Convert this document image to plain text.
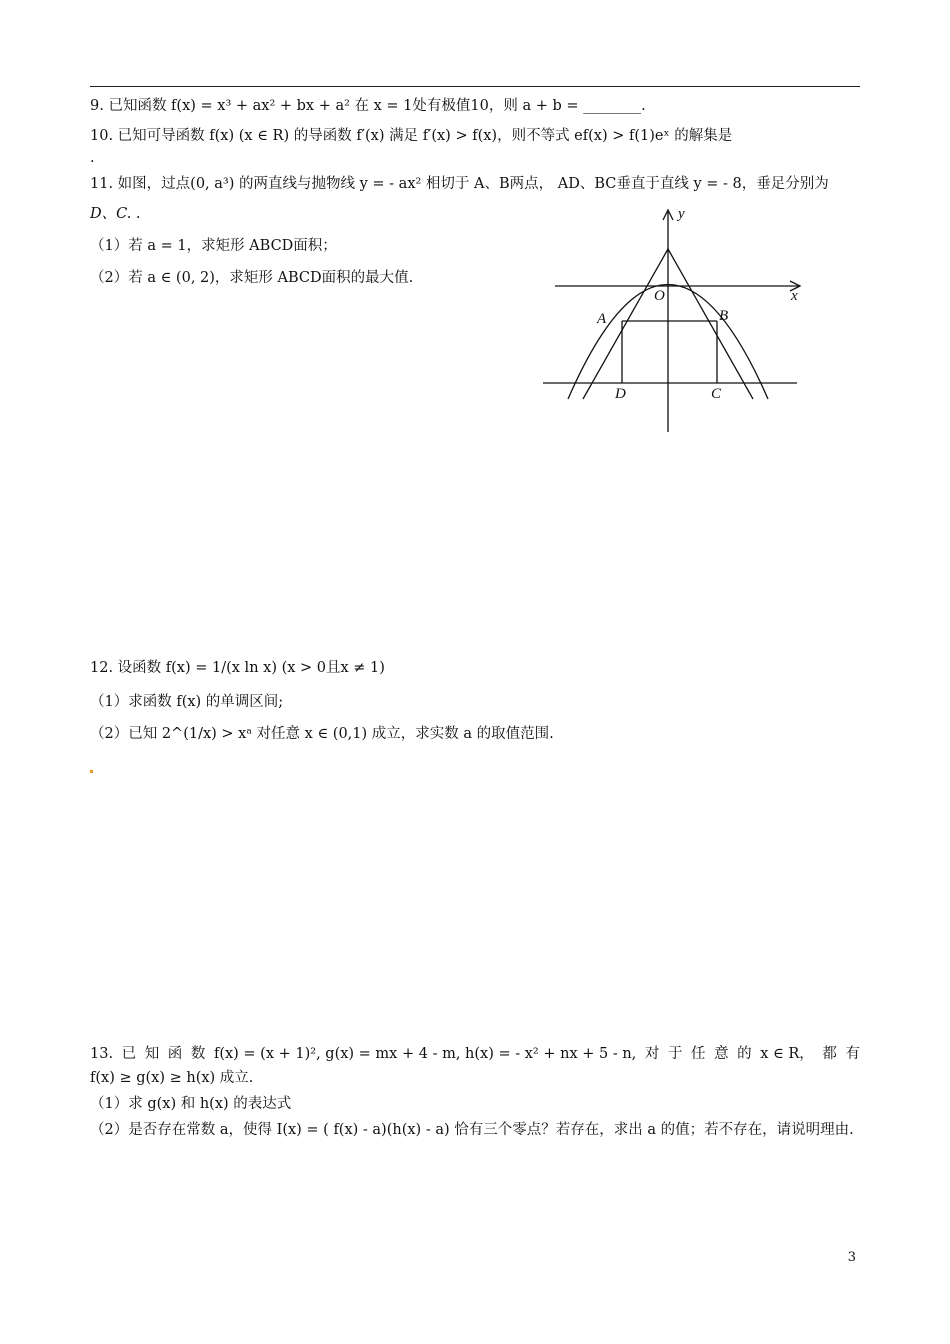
9. 已知函数 f(x) = x³ + ax² + bx + a² 在 x = 1处有极值10，则 a + b = ________.
10. 已知可导函数 f(x) (x ∈ R) 的导函数 f′(x) 满足 f′(x) > f(x)，则不等式 ef(x) > f(1)eˣ 的解集是
.
11. 如图，过点(0, a³) 的两直线与抛物线 y = - ax² 相切于 A、B两点， AD、BC垂直于直线 y = - 8，垂足分别为
D、C. .
（1）若 a = 1，求矩形 ABCD面积；
（2）若 a ∈ (0, 2)，求矩形 ABCD面积的最大值.
y
x
O
A	B
D	C
12. 设函数 f(x) = 1/(x ln x) (x > 0且x ≠ 1)
（1）求函数 f(x) 的单调区间;
（2）已知 2^(1/x) > xᵃ 对任意 x ∈ (0,1) 成立，求实数 a 的取值范围.
13. 已 知 函 数 f(x) = (x + 1)², g(x) = mx + 4 - m, h(x) = - x² + nx + 5 - n, 对 于 任 意 的 x ∈ R， 都 有
f(x) ≥ g(x) ≥ h(x) 成立.
（1）求 g(x) 和 h(x) 的表达式
（2）是否存在常数 a，使得 I(x) = ( f(x) - a)(h(x) - a) 恰有三个零点？若存在，求出 a 的值；若不存在，请说明理由.
3
